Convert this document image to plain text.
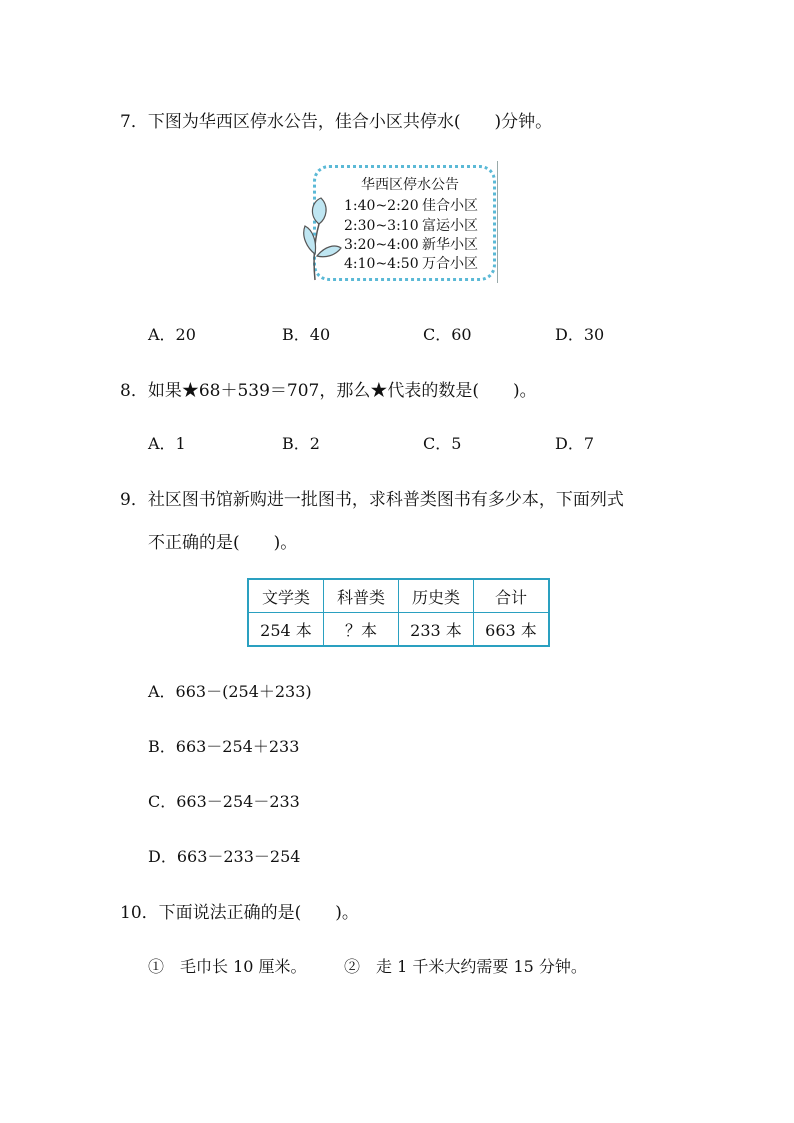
7．下图为华西区停水公告，佳合小区共停水(　　)分钟。
华西区停水公告
1:40~2:20 佳合小区
2:30~3:10 富运小区
3:20~4:00 新华小区
4:10~4:50 万合小区
A．20	B．40	C．60	D．30
8．如果★68＋539＝707，那么★代表的数是(　　)。
A．1	B．2	C．5	D．7
9．社区图书馆新购进一批图书，求科普类图书有多少本，下面列式
不正确的是(　　)。
文学类	科普类	历史类	合计
254 本	？本	233 本	663 本
A．663－(254＋233)
B．663－254＋233
C．663－254－233
D．663－233－254
10．下面说法正确的是(　　)。
①　毛巾长 10 厘米。 ②　走 1 千米大约需要 15 分钟。
